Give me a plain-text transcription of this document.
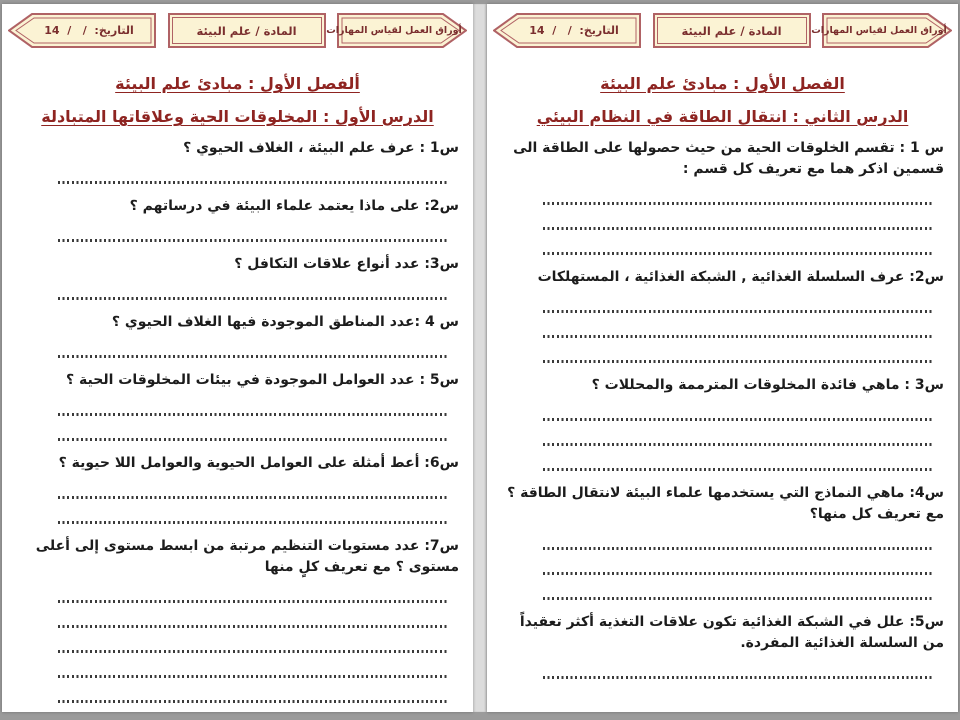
أوراق العمل لقياس المهارات
المادة / علم البيئة
التاريخ:  /   /  14
ألفصل الأول : مبادئ علم البيئة
الدرس الأول : المخلوقات الحية وعلاقاتها المتبادلة
س1 : عرف علم البيئة ، الغلاف الحيوي ؟
س2: على ماذا يعتمد علماء البيئة في درساتهم ؟
س3: عدد أنواع علاقات التكافل ؟
س 4 :عدد المناطق الموجودة فيها الغلاف الحيوي ؟
س5 : عدد العوامل الموجودة في بيئات المخلوقات الحية ؟
س6: أعط أمثلة على العوامل الحيوية والعوامل اللا حيوية ؟
س7: عدد مستويات التنظيم مرتبة من ابسط مستوى إلى أعلى مستوى ؟ مع تعريف كلٍ منها
أوراق العمل لقياس المهارات
المادة / علم البيئة
التاريخ:  /   /  14
الفصل الأول : مبادئ علم البيئة
الدرس الثاني : انتقال الطاقة في النظام البيئي
س 1 : تقسم الخلوقات الحية من حيث حصولها على الطاقة الى قسمين اذكر هما مع تعريف كل قسم :
س2: عرف السلسلة الغذائية , الشبكة الغذائية ، المستهلكات
س3 : ماهي فائدة المخلوقات المترممة والمحللات ؟
س4: ماهي النماذج التي يستخدمها علماء البيئة لانتقال الطاقة ؟ مع تعريف كل منها؟
س5: علل في الشبكة الغذائية تكون علاقات التغذية أكثر تعقيداً من السلسلة الغذائية المفردة.
